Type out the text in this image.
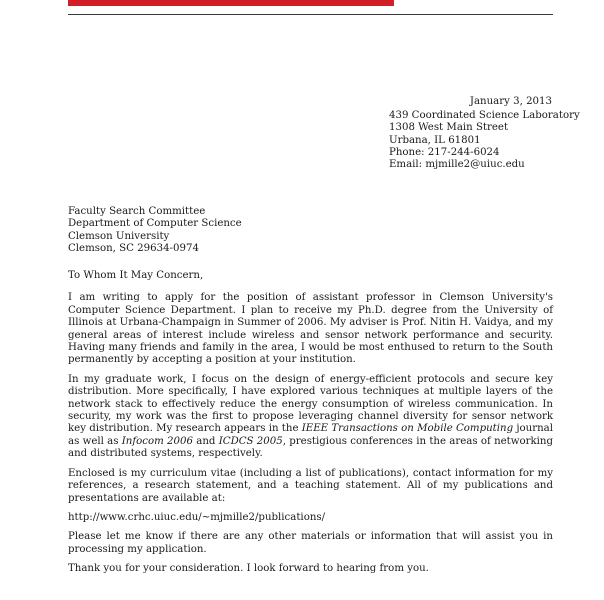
January 3, 2013
439 Coordinated Science Laboratory
1308 West Main Street
Urbana, IL 61801
Phone: 217-244-6024
Email: mjmille2@uiuc.edu
Faculty Search Committee
Department of Computer Science
Clemson University
Clemson, SC 29634-0974

To Whom It May Concern,

I am writing to apply for the position of assistant professor in Clemson University's Computer Science Department. I plan to receive my Ph.D. degree from the University of Illinois at Urbana-Champaign in Summer of 2006. My adviser is Prof. Nitin H. Vaidya, and my general areas of interest include wireless and sensor network performance and security. Having many friends and family in the area, I would be most enthused to return to the South permanently by accepting a position at your institution.

In my graduate work, I focus on the design of energy-efficient protocols and secure key distribution. More specifically, I have explored various techniques at multiple layers of the network stack to effectively reduce the energy consumption of wireless communication. In security, my work was the first to propose leveraging channel diversity for sensor network key distribution. My research appears in the IEEE Transactions on Mobile Computing journal as well as Infocom 2006 and ICDCS 2005, prestigious conferences in the areas of networking and distributed systems, respectively.

Enclosed is my curriculum vitae (including a list of publications), contact information for my references, a research statement, and a teaching statement. All of my publications and presentations are available at:

http://www.crhc.uiuc.edu/~mjmille2/publications/

Please let me know if there are any other materials or information that will assist you in processing my application.

Thank you for your consideration. I look forward to hearing from you.
